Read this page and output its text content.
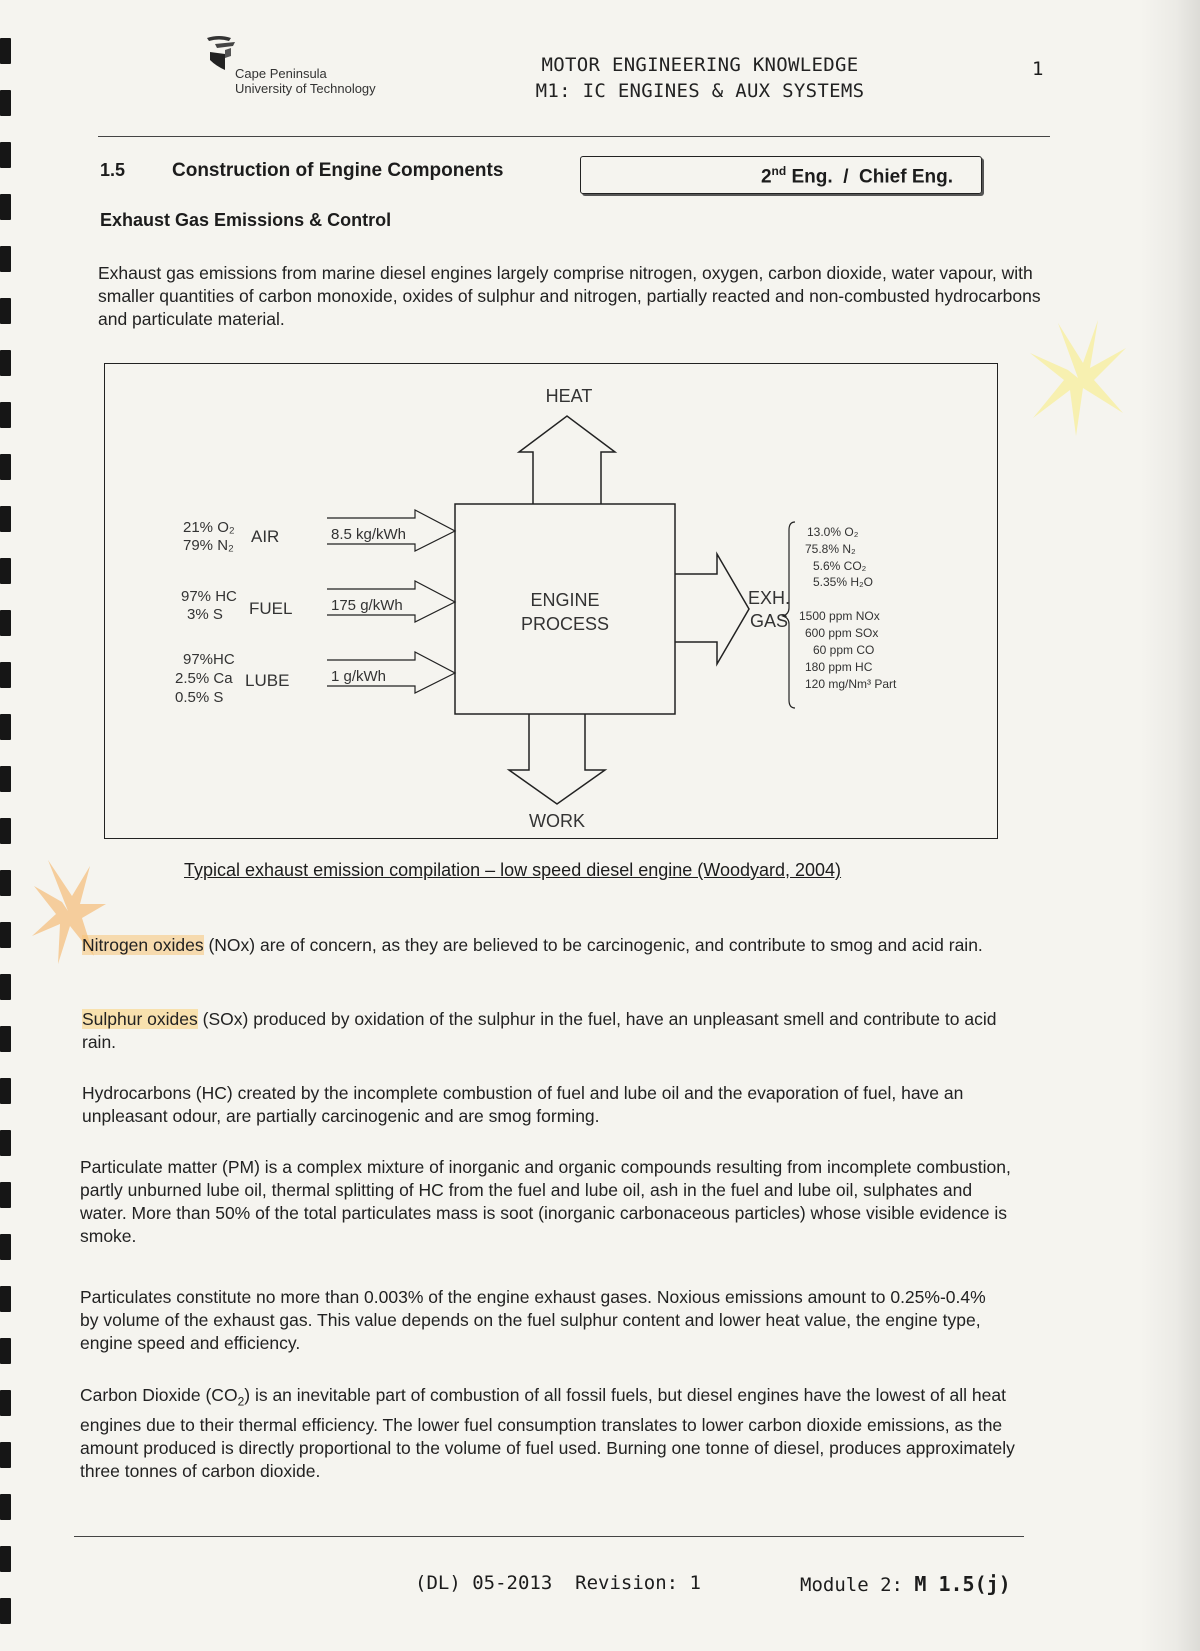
Cape Peninsula
University of Technology
MOTOR ENGINEERING KNOWLEDGE
M1: IC ENGINES & AUX SYSTEMS
1
1.5 Construction of Engine Components	2nd Eng.  /  Chief Eng.
Exhaust Gas Emissions & Control

Exhaust gas emissions from marine diesel engines largely comprise nitrogen, oxygen, carbon dioxide, water vapour, with smaller quantities of carbon monoxide, oxides of sulphur and nitrogen, partially reacted and non-combusted hydrocarbons and particulate material.

ENGINE
PROCESS
HEAT
WORK
EXH.
GAS
21% O₂
79% N₂ AIR	8.5 kg/kWh
97% HC
3% S FUEL	175 g/kWh
97%HC
2.5% Ca
0.5% S
LUBE	1 g/kWh
13.0% O₂
75.8% N₂
5.6% CO₂
5.35% H₂O
1500 ppm NOx
600 ppm SOx
60 ppm CO
180 ppm HC
120 mg/Nm³ Part
Typical exhaust emission compilation – low speed diesel engine (Woodyard, 2004)

Nitrogen oxides (NOx) are of concern, as they are believed to be carcinogenic, and contribute to smog and acid rain.

Sulphur oxides (SOx) produced by oxidation of the sulphur in the fuel, have an unpleasant smell and contribute to acid rain.

Hydrocarbons (HC) created by the incomplete combustion of fuel and lube oil and the evaporation of fuel, have an unpleasant odour, are partially carcinogenic and are smog forming.

Particulate matter (PM) is a complex mixture of inorganic and organic compounds resulting from incomplete combustion, partly unburned lube oil, thermal splitting of HC from the fuel and lube oil, ash in the fuel and lube oil, sulphates and water. More than 50% of the total particulates mass is soot (inorganic carbonaceous particles) whose visible evidence is smoke.

Particulates constitute no more than 0.003% of the engine exhaust gases. Noxious emissions amount to 0.25%-0.4% by volume of the exhaust gas. This value depends on the fuel sulphur content and lower heat value, the engine type, engine speed and efficiency.

Carbon Dioxide $(CO_2)$ is an inevitable part of combustion of all fossil fuels, but diesel engines have the lowest of all heat engines due to their thermal efficiency. The lower fuel consumption translates to lower carbon dioxide emissions, as the amount produced is directly proportional to the volume of fuel used. Burning one tonne of diesel, produces approximately three tonnes of carbon dioxide.

(DL) 05-2013  Revision: 1	Module 2: M 1.5(j)
